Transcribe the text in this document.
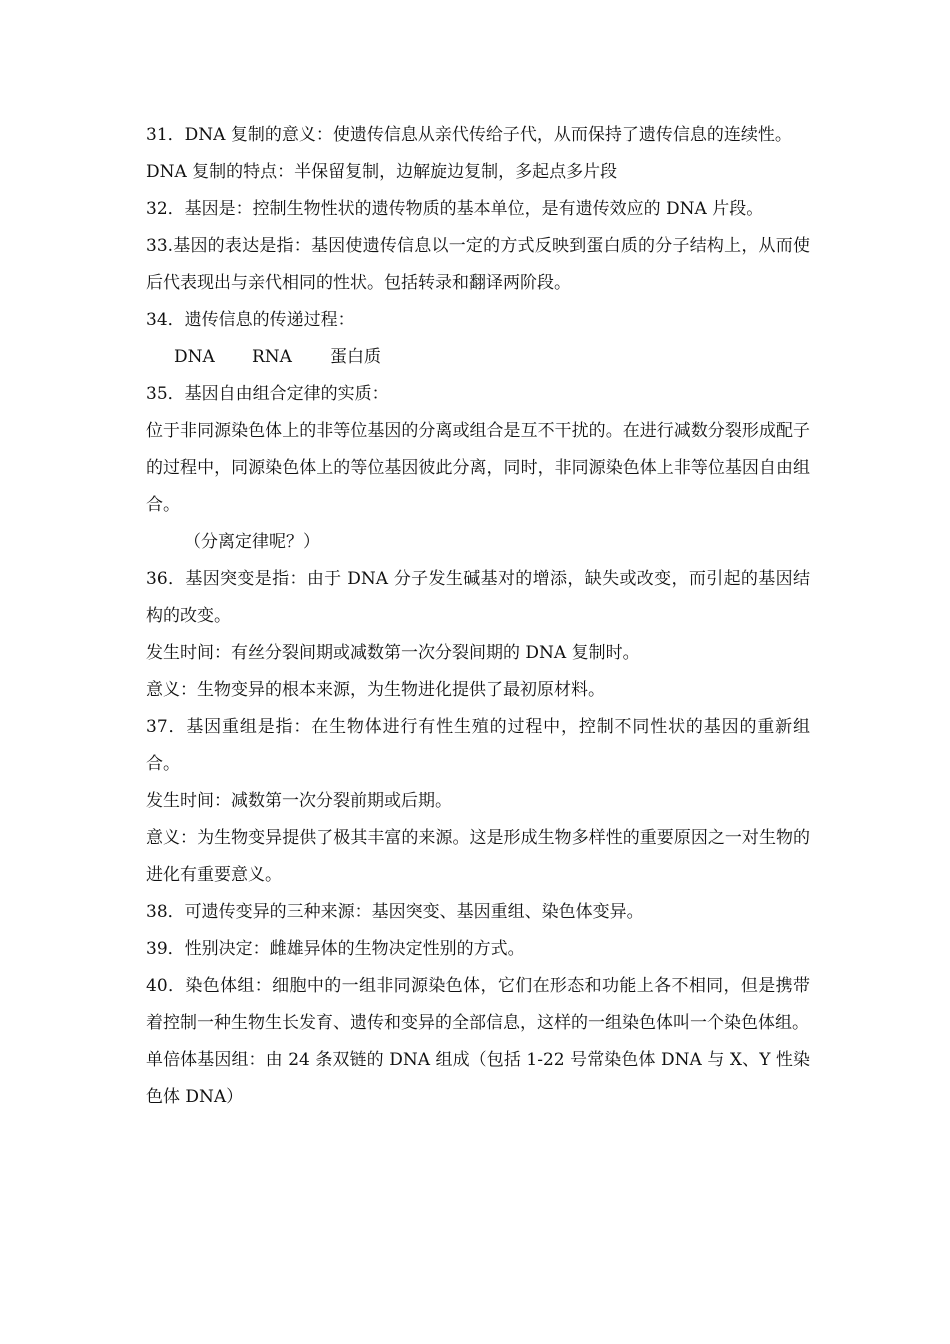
31．DNA 复制的意义：使遗传信息从亲代传给子代，从而保持了遗传信息的连续性。
DNA 复制的特点：半保留复制，边解旋边复制，多起点多片段
32．基因是：控制生物性状的遗传物质的基本单位，是有遗传效应的 DNA 片段。
33.基因的表达是指：基因使遗传信息以一定的方式反映到蛋白质的分子结构上，从而使后代表现出与亲代相同的性状。包括转录和翻译两阶段。
34．遗传信息的传递过程：
DNA RNA 蛋白质
35．基因自由组合定律的实质：
位于非同源染色体上的非等位基因的分离或组合是互不干扰的。在进行减数分裂形成配子的过程中，同源染色体上的等位基因彼此分离，同时，非同源染色体上非等位基因自由组合。
（分离定律呢？）
36．基因突变是指：由于 DNA 分子发生碱基对的增添，缺失或改变，而引起的基因结构的改变。
发生时间：有丝分裂间期或减数第一次分裂间期的 DNA 复制时。
意义：生物变异的根本来源，为生物进化提供了最初原材料。
37．基因重组是指：在生物体进行有性生殖的过程中，控制不同性状的基因的重新组合。
发生时间：减数第一次分裂前期或后期。
意义：为生物变异提供了极其丰富的来源。这是形成生物多样性的重要原因之一对生物的进化有重要意义。
38．可遗传变异的三种来源：基因突变、基因重组、染色体变异。
39．性别决定：雌雄异体的生物决定性别的方式。
40．染色体组：细胞中的一组非同源染色体，它们在形态和功能上各不相同，但是携带着控制一种生物生长发育、遗传和变异的全部信息，这样的一组染色体叫一个染色体组。
单倍体基因组：由 24 条双链的 DNA 组成（包括 1-22 号常染色体 DNA 与 X、Y 性染色体 DNA）
